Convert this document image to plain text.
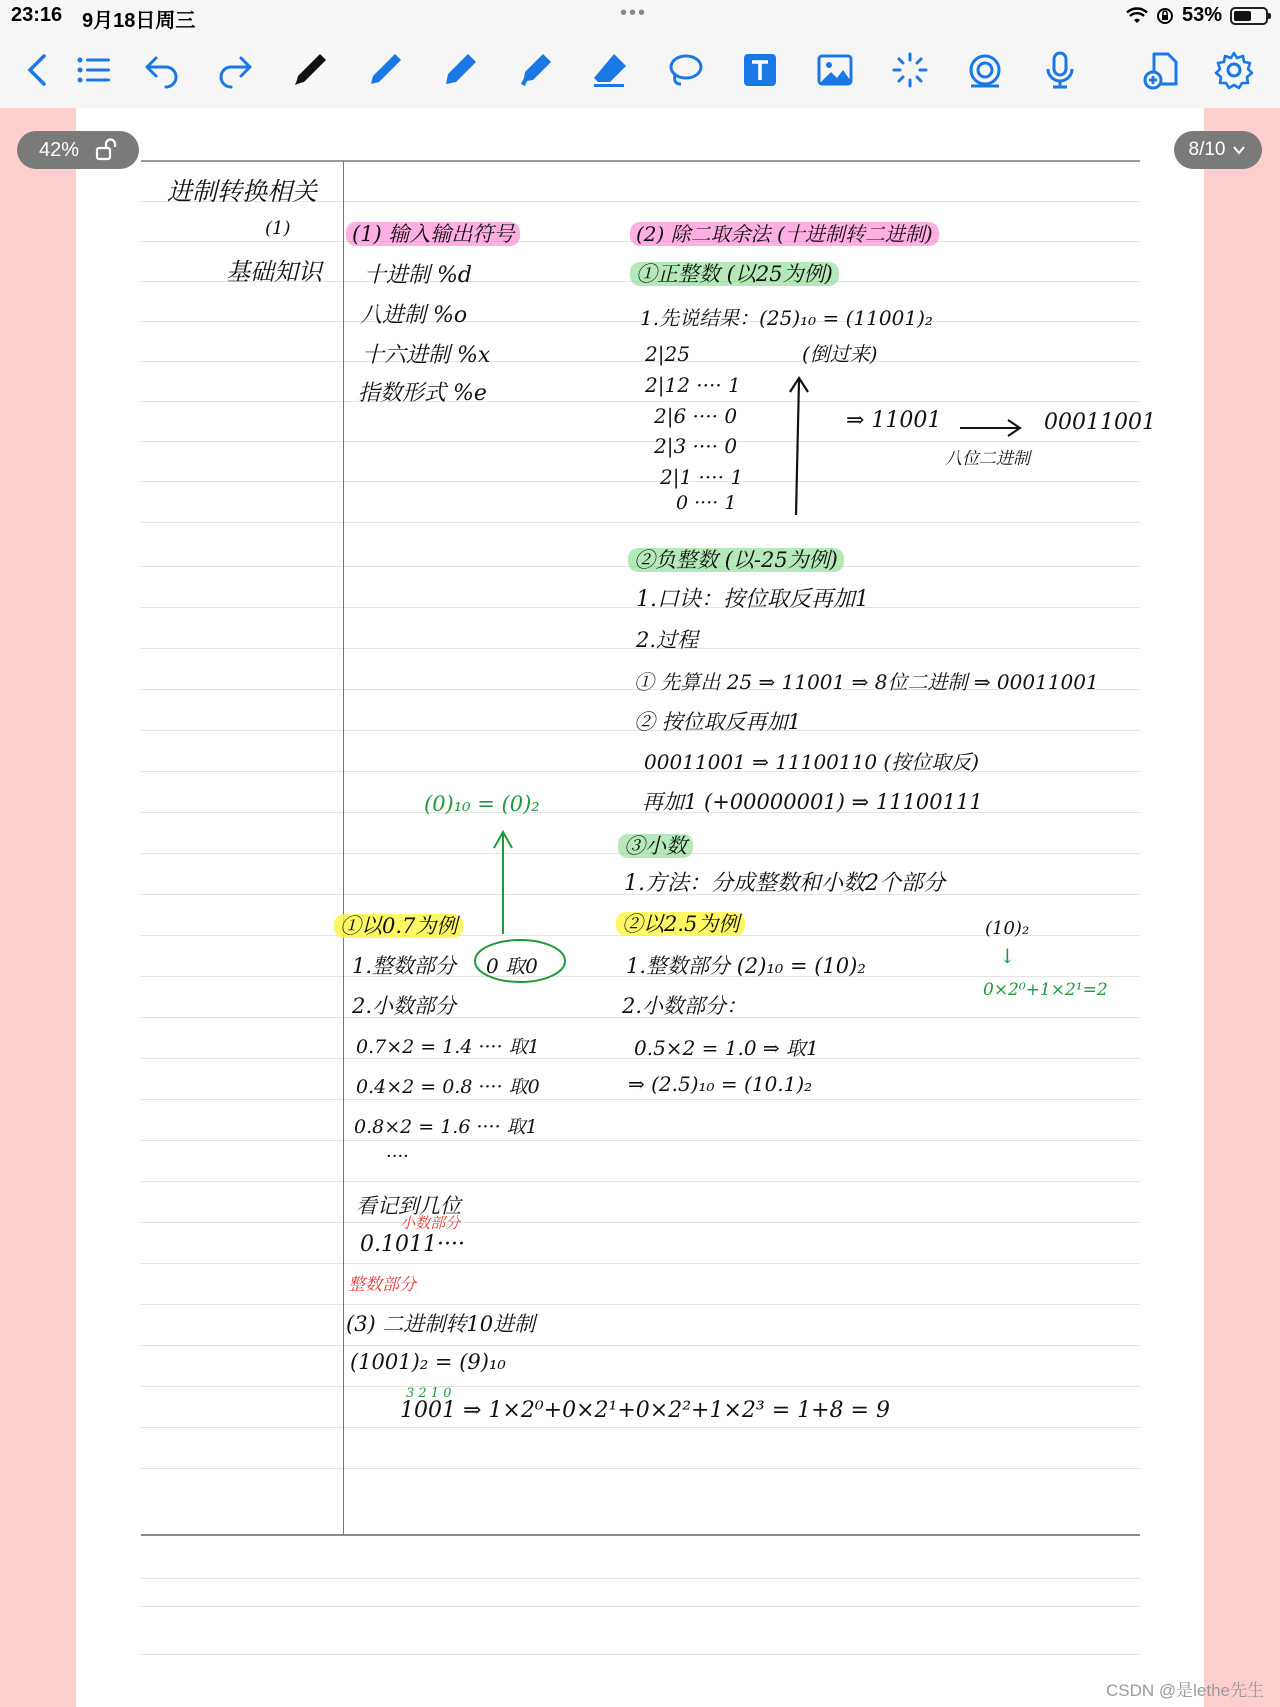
23:16 9月18日周三	•••	53%
42%	8/10
进制转换相关
(1)
基础知识
(1) 输入输出符号
十进制 %d
八进制 %o
十六进制 %x
指数形式 %e
(2) 除二取余法 (十进制转二进制)
①正整数 (以25为例)
1.先说结果：(25)₁₀ = (11001)₂
2|25
2|12 ···· 1
2|6 ···· 0
2|3 ···· 0
2|1 ···· 1
0 ···· 1
(倒过来)
⇒ 11001	00011001
八位二进制
②负整数 (以-25为例)
1.口诀：按位取反再加1
2.过程
① 先算出 25 ⇒ 11001 ⇒ 8位二进制 ⇒ 00011001
② 按位取反再加1
00011001 ⇒ 11100110 (按位取反)
再加1 (+00000001) ⇒ 11100111
③小数
1.方法：分成整数和小数2个部分
②以2.5为例
1.整数部分 (2)₁₀ = (10)₂
2.小数部分：
0.5×2 = 1.0 ⇒ 取1
⇒ (2.5)₁₀ = (10.1)₂
(10)₂
↓
0×2⁰+1×2¹=2
(0)₁₀ = (0)₂
①以0.7为例
1.整数部分 0 取0
2.小数部分
0.7×2 = 1.4 ···· 取1
0.4×2 = 0.8 ···· 取0
0.8×2 = 1.6 ···· 取1
····
看记到几位
小数部分
0.1011····
整数部分
(3) 二进制转10进制
(1001)₂ = (9)₁₀
3 2 1 0
1001 ⇒ 1×2⁰+0×2¹+0×2²+1×2³ = 1+8 = 9
CSDN @是lethe先生
